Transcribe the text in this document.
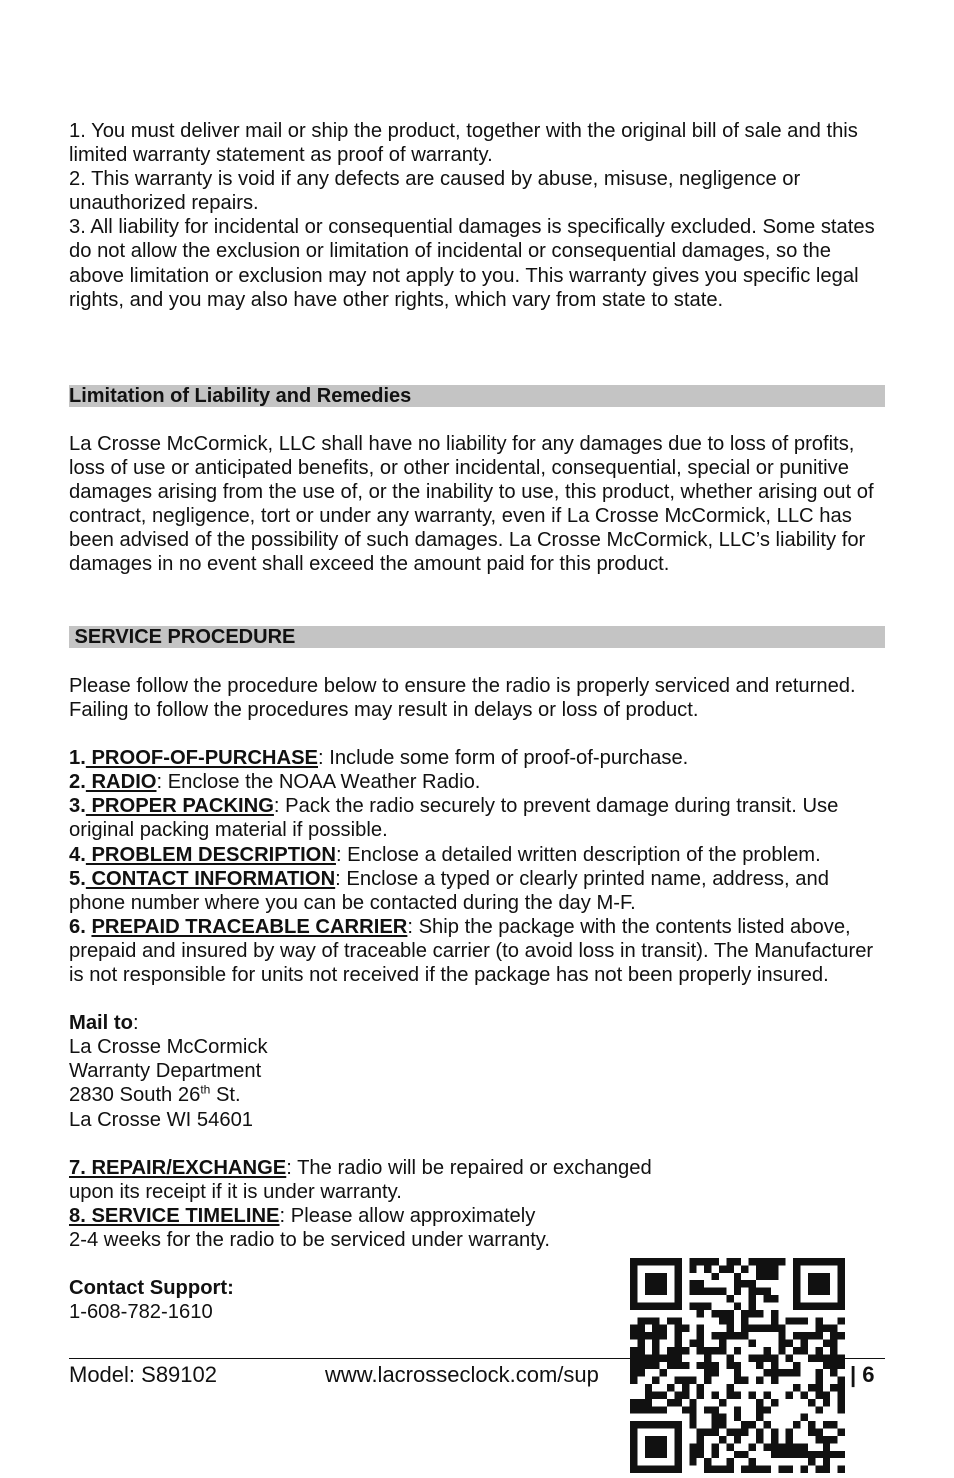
1. You must deliver mail or ship the product, together with the original bill of sale and this limited warranty statement as proof of warranty.

2. This warranty is void if any defects are caused by abuse, misuse, negligence or unauthorized repairs.

3. All liability for incidental or consequential damages is specifically excluded. Some states do not allow the exclusion or limitation of incidental or consequential damages, so the above limitation or exclusion may not apply to you. This warranty gives you specific legal rights, and you may also have other rights, which vary from state to state.

Limitation of Liability and Remedies

La Crosse McCormick, LLC shall have no liability for any damages due to loss of profits, loss of use or anticipated benefits, or other incidental, consequential, special or punitive damages arising from the use of, or the inability to use, this product, whether arising out of contract, negligence, tort or under any warranty, even if La Crosse McCormick, LLC has been advised of the possibility of such damages. La Crosse McCormick, LLC’s liability for damages in no event shall exceed the amount paid for this product.

SERVICE PROCEDURE

Please follow the procedure below to ensure the radio is properly serviced and returned. Failing to follow the procedures may result in delays or loss of product.

1. PROOF-OF-PURCHASE: Include some form of proof-of-purchase.

2. RADIO: Enclose the NOAA Weather Radio.

3. PROPER PACKING: Pack the radio securely to prevent damage during transit. Use original packing material if possible.

4. PROBLEM DESCRIPTION: Enclose a detailed written description of the problem.

5. CONTACT INFORMATION: Enclose a typed or clearly printed name, address, and phone number where you can be contacted during the day M-F.

6. PREPAID TRACEABLE CARRIER: Ship the package with the contents listed above, prepaid and insured by way of traceable carrier (to avoid loss in transit). The Manufacturer is not responsible for units not received if the package has not been properly insured.

Mail to:

La Crosse McCormick

Warranty Department

2830 South 26th St.

La Crosse WI 54601

7. REPAIR/EXCHANGE: The radio will be repaired or exchanged

upon its receipt if it is under warranty.

8. SERVICE TIMELINE: Please allow approximately

2-4 weeks for the radio to be serviced under warranty.

Contact Support:

1-608-782-1610

Model: S89102	www.lacrosseclock.com/sup	| 6
